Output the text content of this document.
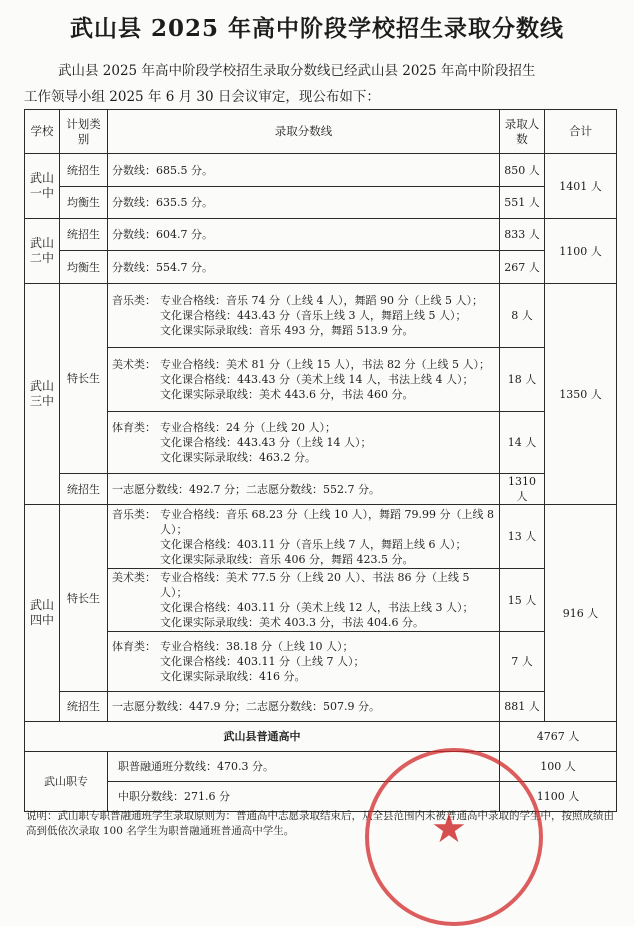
武山县 2025 年高中阶段学校招生录取分数线
武山县 2025 年高中阶段学校招生录取分数线已经武山县 2025 年高中阶段招生
工作领导小组 2025 年 6 月 30 日会议审定，现公布如下：
学校	计划类别	录取分数线	录取人数	合计
武山一中	统招生	分数线：685.5 分。	850 人	1401 人
	均衡生	分数线：635.5 分。	551 人	
武山二中	统招生	分数线：604.7 分。	833 人	1100 人
	均衡生	分数线：554.7 分。	267 人	
武山三中	特长生	音乐类： 专业合格线：音乐 74 分（上线 4 人），舞蹈 90 分（上线 5 人）；
文化课合格线：443.43 分（音乐上线 3 人，舞蹈上线 5 人）；
文化课实际录取线：音乐 493 分，舞蹈 513.9 分。	8 人	1350 人

		美术类： 专业合格线：美术 81 分（上线 15 人），书法 82 分（上线 5 人）；
文化课合格线：443.43 分（美术上线 14 人，书法上线 4 人）；
文化课实际录取线：美术 443.6 分，书法 460 分。	18 人	

		体育类： 专业合格线：24 分（上线 20 人）；
文化课合格线：443.43 分（上线 14 人）；
文化课实际录取线：463.2 分。	14 人	
	统招生	一志愿分数线：492.7 分；二志愿分数线：552.7 分。	1310 人	
武山四中	特长生	音乐类： 专业合格线：音乐 68.23 分（上线 10 人），舞蹈 79.99 分（上线 8 人）；
文化课合格线：403.11 分（音乐上线 7 人，舞蹈上线 6 人）；
文化课实际录取线：音乐 406 分，舞蹈 423.5 分。	13 人	916 人

		美术类： 专业合格线：美术 77.5 分（上线 20 人）、书法 86 分（上线 5 人）；
文化课合格线：403.11 分（美术上线 12 人，书法上线 3 人）；
文化课实际录取线：美术 403.3 分，书法 404.6 分。	15 人	

		体育类： 专业合格线：38.18 分（上线 10 人）；
文化课合格线：403.11 分（上线 7 人）；
文化课实际录取线：416 分。	7 人	
	统招生	一志愿分数线：447.9 分；二志愿分数线：507.9 分。	881 人	
武山县普通高中			4767 人	
武山职专		职普融通班分数线：470.3 分。	100 人	
		中职分数线：271.6 分	1100 人	
说明：武山职专职普融通班学生录取原则为：普通高中志愿录取结束后，从全县范围内未被普通高中录取的学生中，按照成绩由高到低依次录取 100 名学生为职普融通班普通高中学生。	★
